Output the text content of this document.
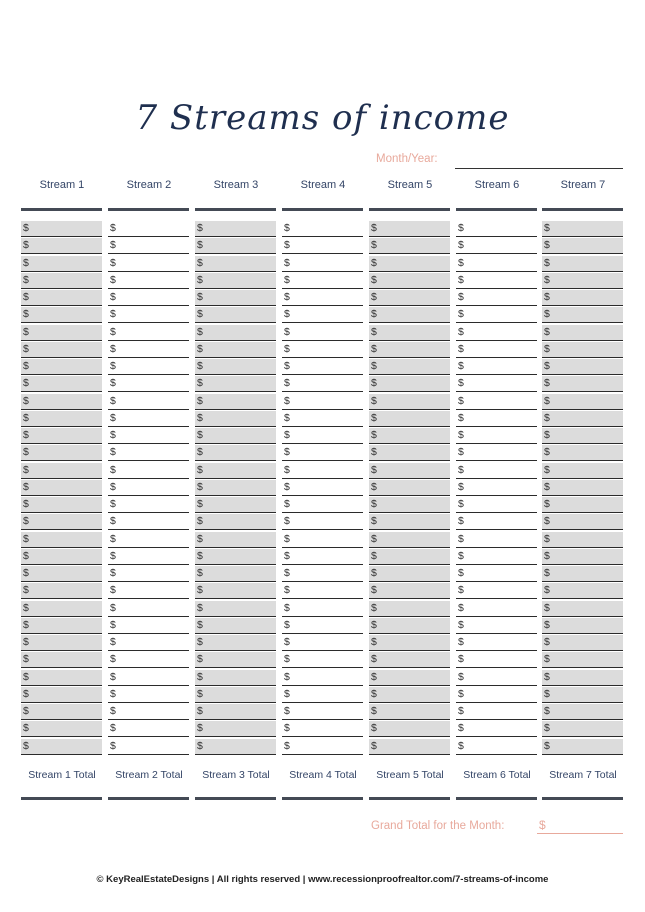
7 Streams of income
Month/Year:
Stream 1
$
$
$
$
$
$
$
$
$
$
$
$
$
$
$
$
$
$
$
$
$
$
$
$
$
$
$
$
$
$
$
Stream 1 Total
Stream 2
$
$
$
$
$
$
$
$
$
$
$
$
$
$
$
$
$
$
$
$
$
$
$
$
$
$
$
$
$
$
$
Stream 2 Total
Stream 3
$
$
$
$
$
$
$
$
$
$
$
$
$
$
$
$
$
$
$
$
$
$
$
$
$
$
$
$
$
$
$
Stream 3 Total
Stream 4
$
$
$
$
$
$
$
$
$
$
$
$
$
$
$
$
$
$
$
$
$
$
$
$
$
$
$
$
$
$
$
Stream 4 Total
Stream 5
$
$
$
$
$
$
$
$
$
$
$
$
$
$
$
$
$
$
$
$
$
$
$
$
$
$
$
$
$
$
$
Stream 5 Total
Stream 6
$
$
$
$
$
$
$
$
$
$
$
$
$
$
$
$
$
$
$
$
$
$
$
$
$
$
$
$
$
$
$
Stream 6 Total
Stream 7
$
$
$
$
$
$
$
$
$
$
$
$
$
$
$
$
$
$
$
$
$
$
$
$
$
$
$
$
$
$
$
Stream 7 Total
Grand Total for the Month:	$
© KeyRealEstateDesigns | All rights reserved | www.recessionproofrealtor.com/7-streams-of-income
